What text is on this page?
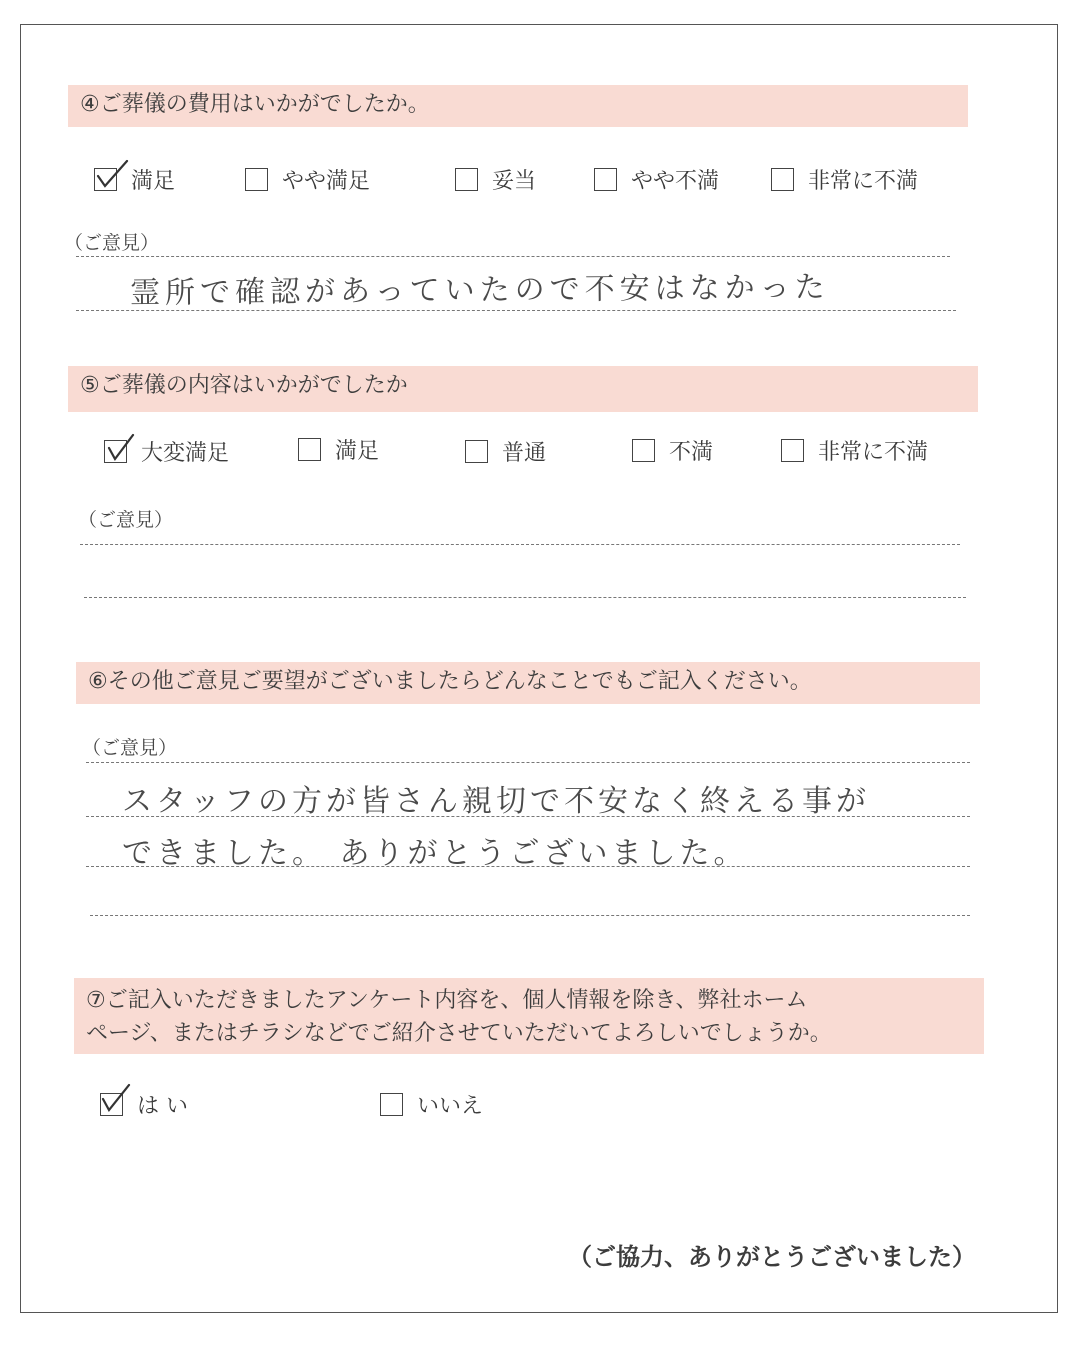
④ご葬儀の費用はいかがでしたか。
満足	やや満足	妥当	やや不満	非常に不満
（ご意見）
霊所で確認があっていたので不安はなかった
⑤ご葬儀の内容はいかがでしたか
大変満足	満足	普通	不満	非常に不満
（ご意見）
⑥その他ご意見ご要望がございましたらどんなことでもご記入ください。
（ご意見）
スタッフの方が皆さん親切で不安なく終える事が
できました。 ありがとうございました。
⑦ご記入いただきましたアンケート内容を、個人情報を除き、弊社ホーム
ページ、またはチラシなどでご紹介させていただいてよろしいでしょうか。
は い	いいえ
（ご協力、ありがとうございました）
